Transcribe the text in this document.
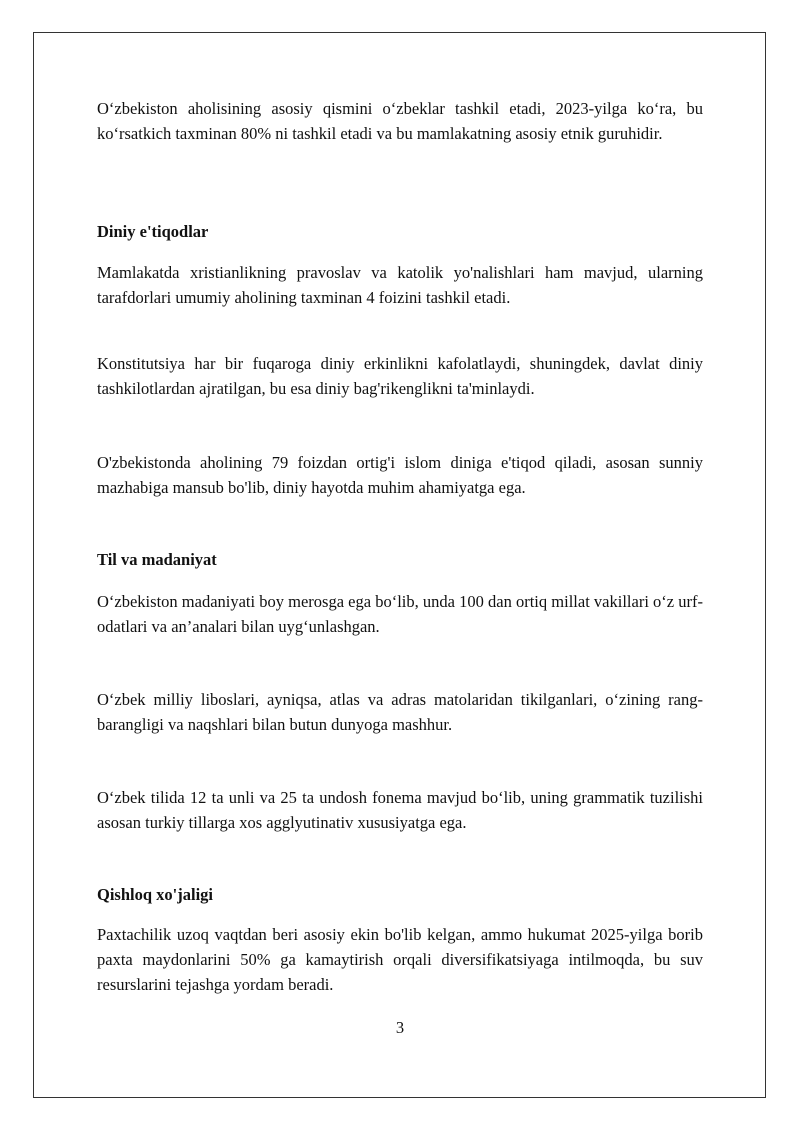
O‘zbekiston aholisining asosiy qismini o‘zbeklar tashkil etadi, 2023-yilga ko‘ra, bu ko‘rsatkich taxminan 80% ni tashkil etadi va bu mamlakatning asosiy etnik guruhidir.

Diniy e'tiqodlar

Mamlakatda xristianlikning pravoslav va katolik yo'nalishlari ham mavjud, ularning tarafdorlari umumiy aholining taxminan 4 foizini tashkil etadi.

Konstitutsiya har bir fuqaroga diniy erkinlikni kafolatlaydi, shuningdek, davlat diniy tashkilotlardan ajratilgan, bu esa diniy bag'rikenglikni ta'minlaydi.

O'zbekistonda aholining 79 foizdan ortig'i islom diniga e'tiqod qiladi, asosan sunniy mazhabiga mansub bo'lib, diniy hayotda muhim ahamiyatga ega.

Til va madaniyat

O‘zbekiston madaniyati boy merosga ega bo‘lib, unda 100 dan ortiq millat vakillari o‘z urf-odatlari va an’analari bilan uyg‘unlashgan.

O‘zbek milliy liboslari, ayniqsa, atlas va adras matolaridan tikilganlari, o‘zining rang-barangligi va naqshlari bilan butun dunyoga mashhur.

O‘zbek tilida 12 ta unli va 25 ta undosh fonema mavjud bo‘lib, uning grammatik tuzilishi asosan turkiy tillarga xos agglyutinativ xususiyatga ega.

Qishloq xo'jaligi

Paxtachilik uzoq vaqtdan beri asosiy ekin bo'lib kelgan, ammo hukumat 2025-yilga borib paxta maydonlarini 50% ga kamaytirish orqali diversifikatsiyaga intilmoqda, bu suv resurslarini tejashga yordam beradi.

3
